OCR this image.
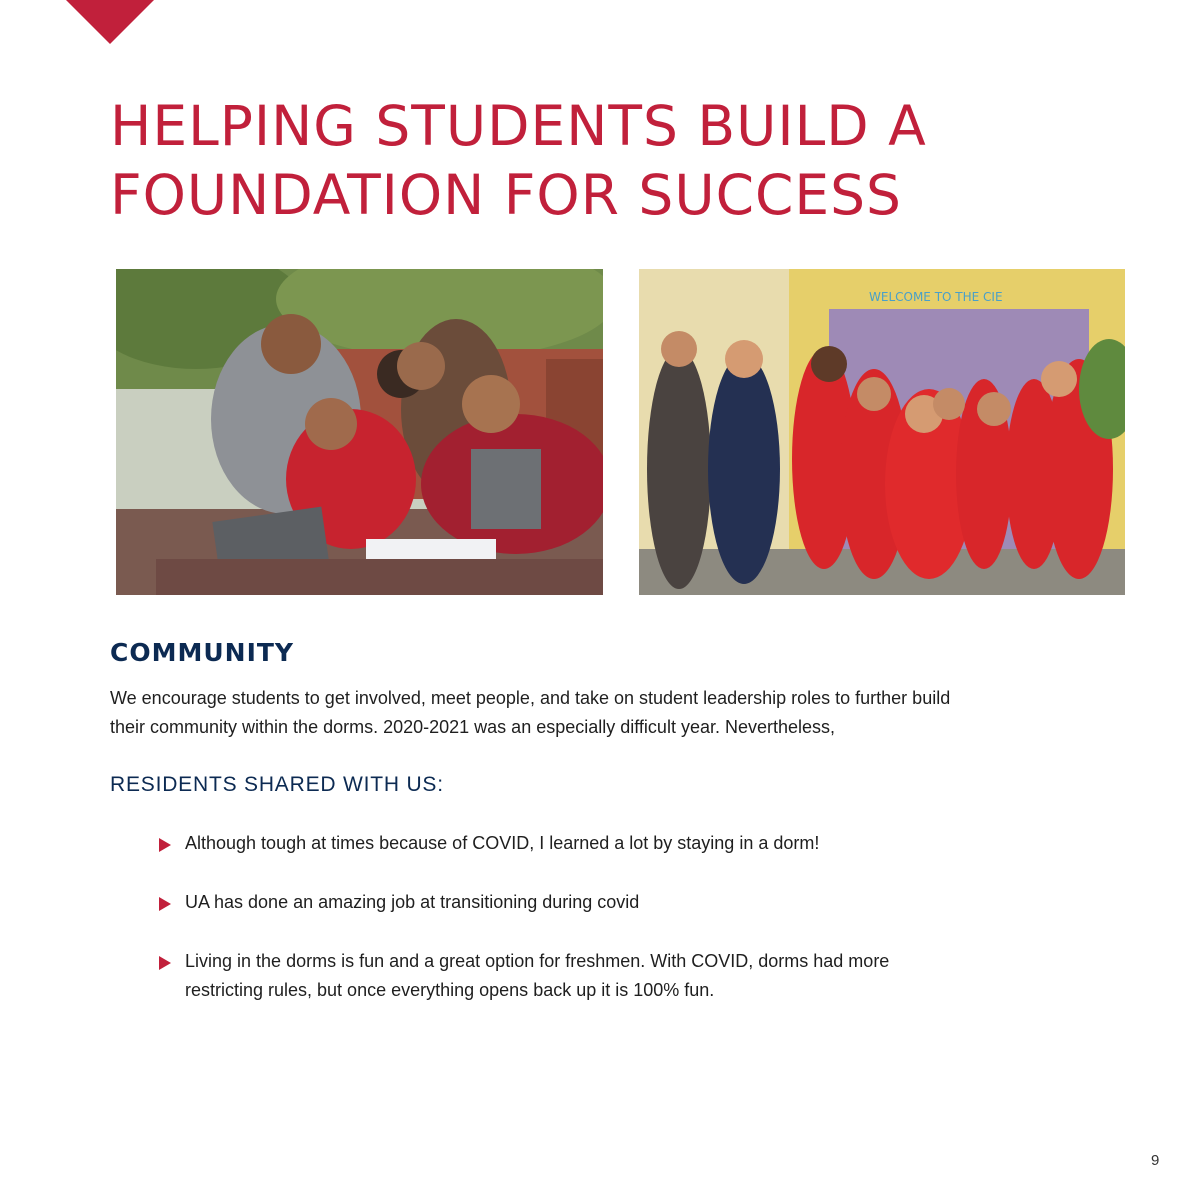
HELPING STUDENTS BUILD A
FOUNDATION FOR SUCCESS
WELCOME TO THE CIE
COMMUNITY

We encourage students to get involved, meet people, and take on student leadership roles to further build their community within the dorms. 2020-2021 was an especially difficult year. Nevertheless,

RESIDENTS SHARED WITH US:
Although tough at times because of COVID, I learned a lot by staying in a dorm!
UA has done an amazing job at transitioning during covid
Living in the dorms is fun and a great option for freshmen. With COVID, dorms had more restricting rules, but once everything opens back up it is 100% fun.
9
